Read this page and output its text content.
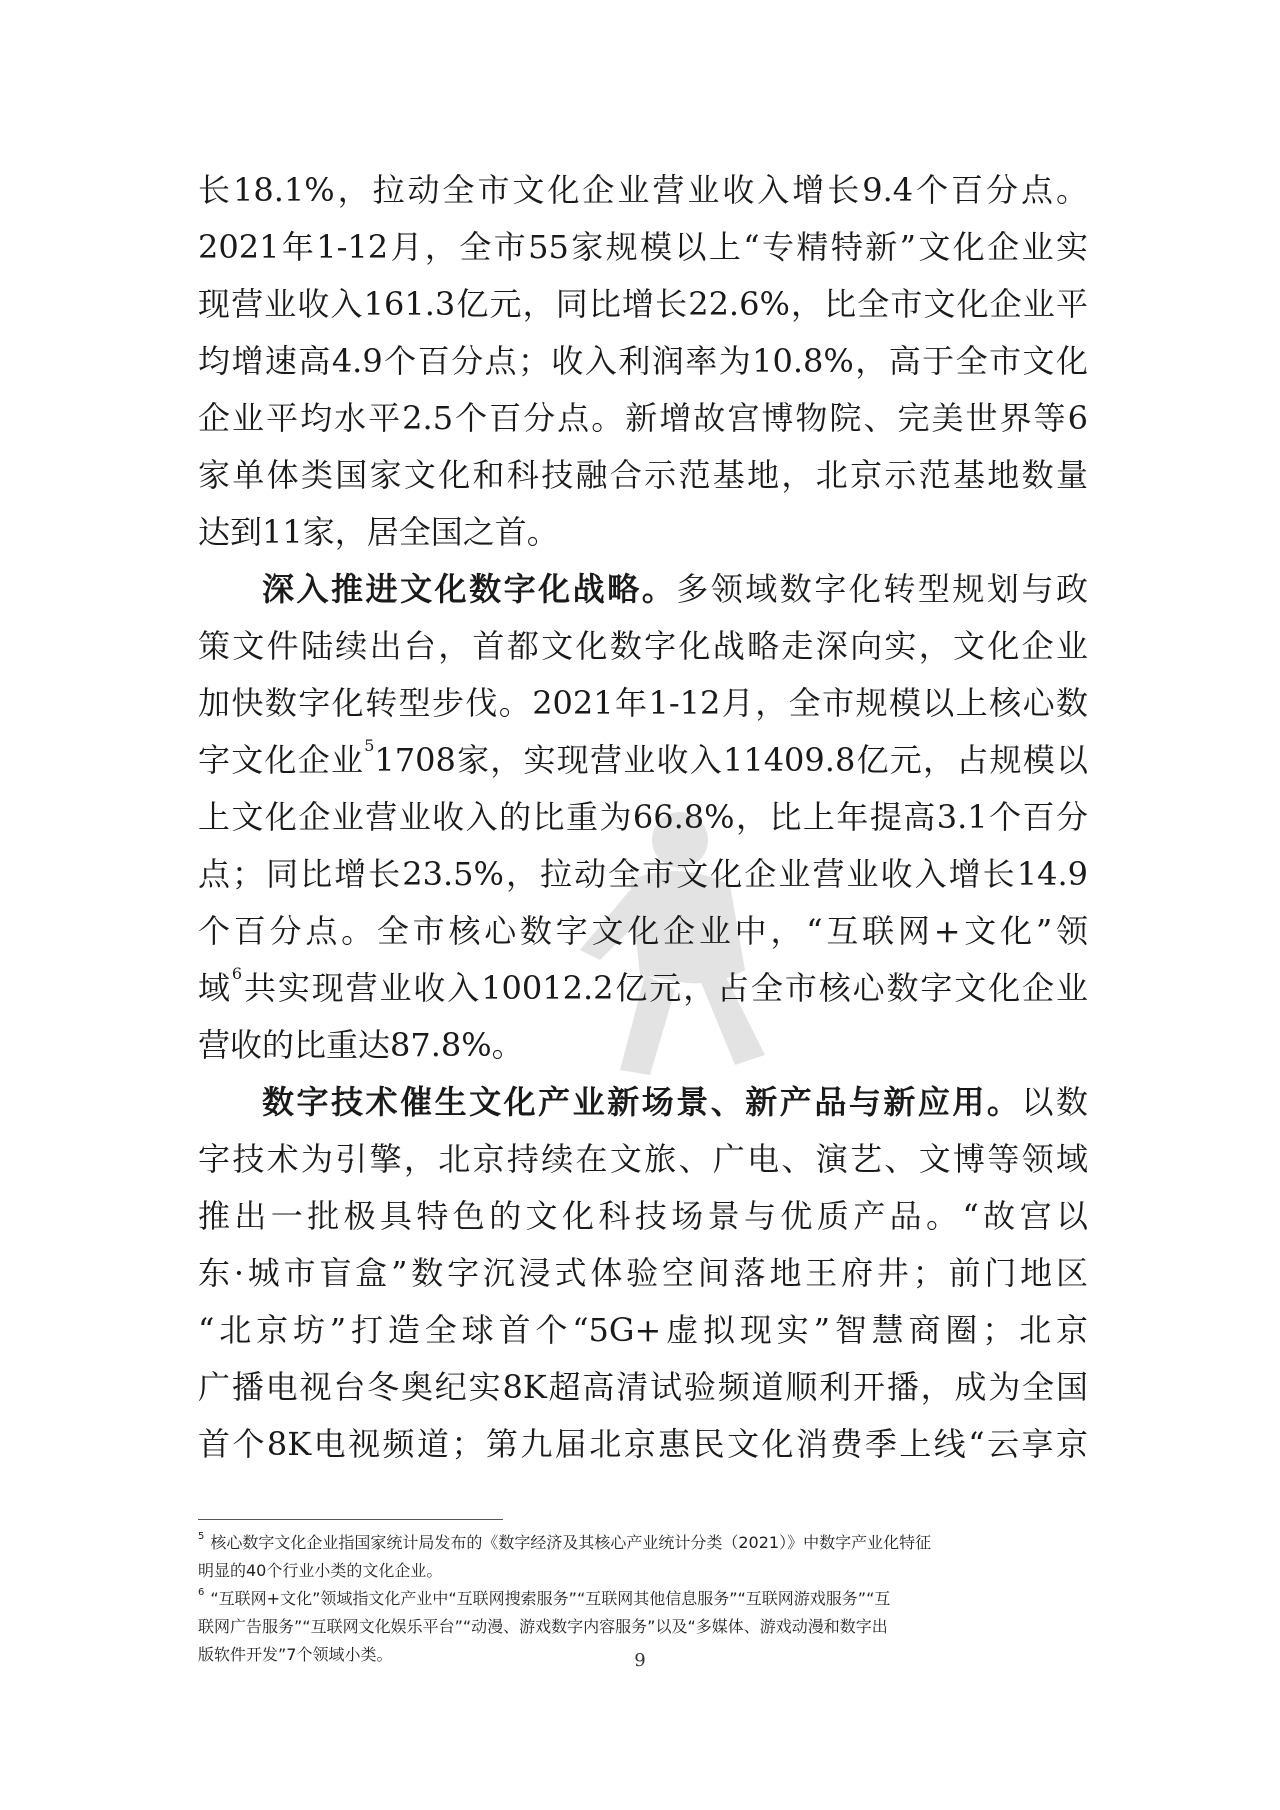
长18.1%，拉动全市文化企业营业收入增长9.4个百分点。
2021年1-12月，全市55家规模以上“专精特新”文化企业实
现营业收入161.3亿元，同比增长22.6%，比全市文化企业平
均增速高4.9个百分点；收入利润率为10.8%，高于全市文化
企业平均水平2.5个百分点。新增故宫博物院、完美世界等6
家单体类国家文化和科技融合示范基地，北京示范基地数量
达到11家，居全国之首。
深入推进文化数字化战略。多领域数字化转型规划与政
策文件陆续出台，首都文化数字化战略走深向实，文化企业
加快数字化转型步伐。2021年1-12月，全市规模以上核心数
字文化企业$^5$1708家，实现营业收入11409.8亿元，占规模以
上文化企业营业收入的比重为66.8%，比上年提高3.1个百分
点；同比增长23.5%，拉动全市文化企业营业收入增长14.9
个百分点。全市核心数字文化企业中，“互联网+文化”领
域$^6$共实现营业收入10012.2亿元，占全市核心数字文化企业
营收的比重达87.8%。
数字技术催生文化产业新场景、新产品与新应用。以数
字技术为引擎，北京持续在文旅、广电、演艺、文博等领域
推出一批极具特色的文化科技场景与优质产品。“故宫以
东·城市盲盒”数字沉浸式体验空间落地王府井；前门地区
“北京坊”打造全球首个“5G+虚拟现实”智慧商圈；北京
广播电视台冬奥纪实8K超高清试验频道顺利开播，成为全国
首个8K电视频道；第九届北京惠民文化消费季上线“云享京
$^5$ 核心数字文化企业指国家统计局发布的《数字经济及其核心产业统计分类（2021）》中数字产业化特征
明显的40个行业小类的文化企业。
$^6$ “互联网+文化”领域指文化产业中“互联网搜索服务”“互联网其他信息服务”“互联网游戏服务”“互
联网广告服务”“互联网文化娱乐平台”“动漫、游戏数字内容服务”以及“多媒体、游戏动漫和数字出
版软件开发”7个领域小类。	9
